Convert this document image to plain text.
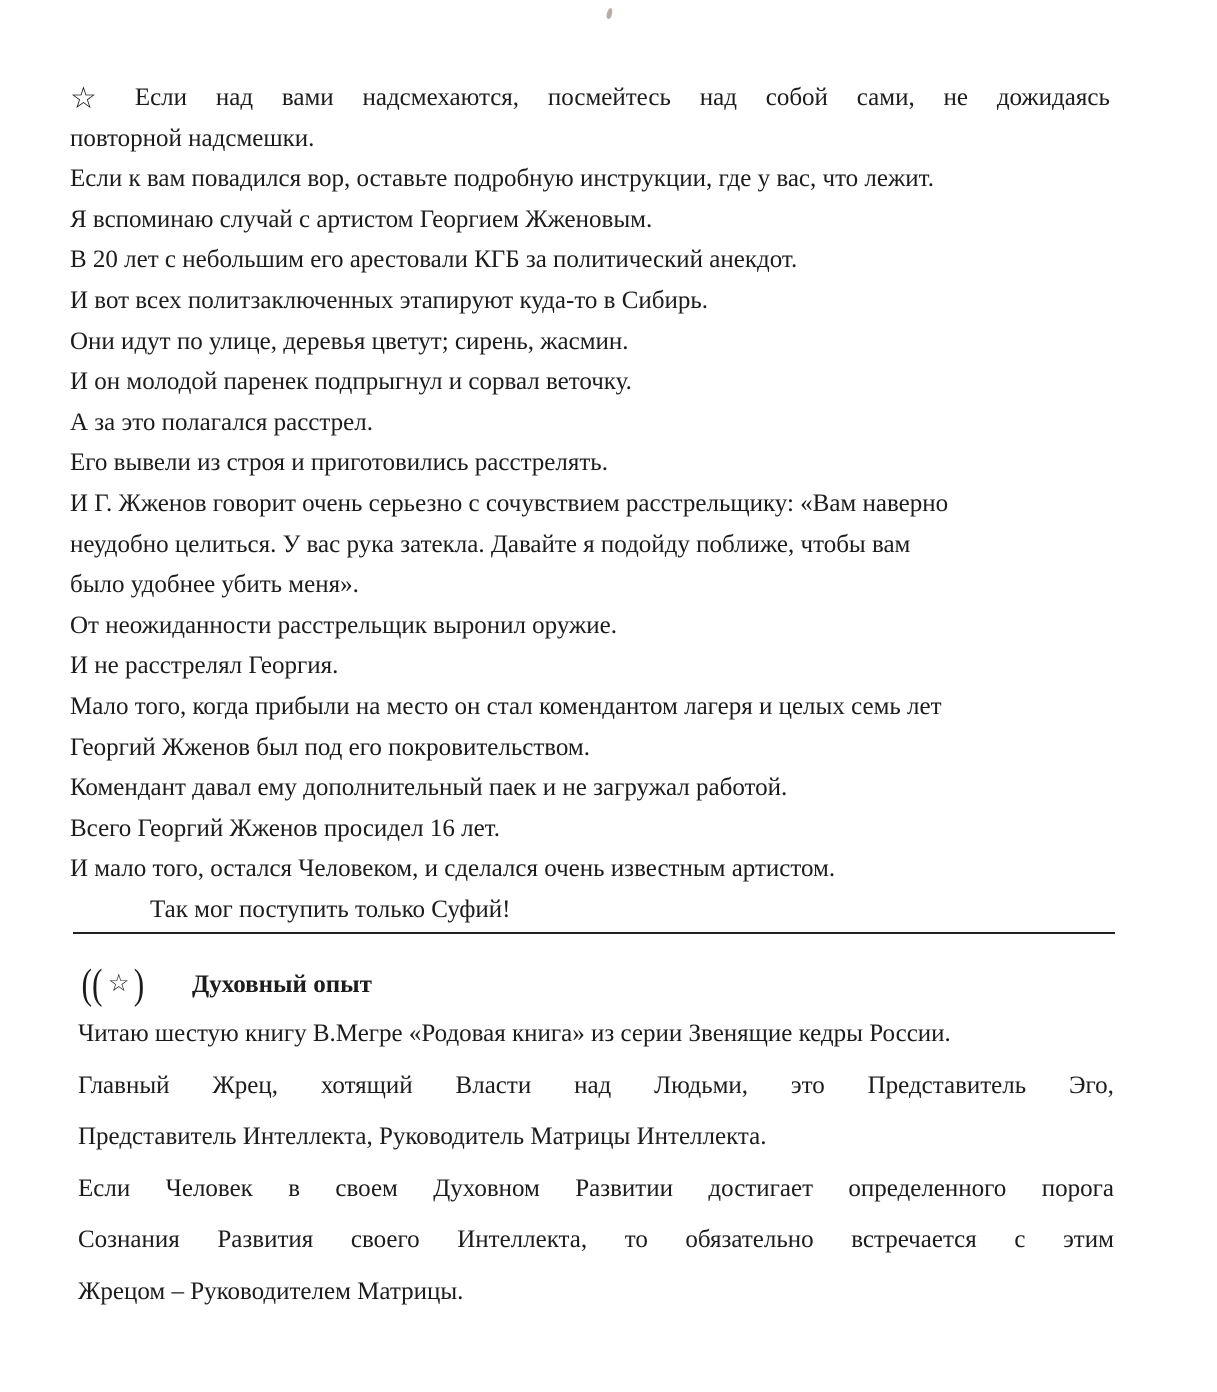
☆	Если над вами надсмехаются, посмейтесь над собой сами, не дожидаясь
повторной надсмешки.
Если к вам повадился вор, оставьте подробную инструкции, где у вас, что лежит.
Я вспоминаю случай с артистом Георгием Жженовым.
В 20 лет с небольшим его арестовали КГБ за политический анекдот.
И вот всех политзаключенных этапируют куда-то в Сибирь.
Они идут по улице, деревья цветут; сирень, жасмин.
И он молодой паренек подпрыгнул и сорвал веточку.
А за это полагался расстрел.
Его вывели из строя и приготовились расстрелять.
И Г. Жженов говорит очень серьезно с сочувствием расстрельщику: «Вам наверно
неудобно целиться. У вас рука затекла. Давайте я подойду поближе, чтобы вам
было удобнее убить меня».
От неожиданности расстрельщик выронил оружие.
И не расстрелял Георгия.
Мало того, когда прибыли на место он стал комендантом лагеря и целых семь лет
Георгий Жженов был под его покровительством.
Комендант давал ему дополнительный паек и не загружал работой.
Всего Георгий Жженов просидел 16 лет.
И мало того, остался Человеком, и сделался очень известным артистом.
Так мог поступить только Суфий!
(( ☆ ) Духовный опыт
Читаю шестую книгу В.Мегре «Родовая книга» из серии Звенящие кедры России.
Главный Жрец, хотящий Власти над Людьми, это Представитель Эго,
Представитель Интеллекта, Руководитель Матрицы Интеллекта.
Если Человек в своем Духовном Развитии достигает определенного порога
Сознания Развития своего Интеллекта, то обязательно встречается с этим
Жрецом – Руководителем Матрицы.
